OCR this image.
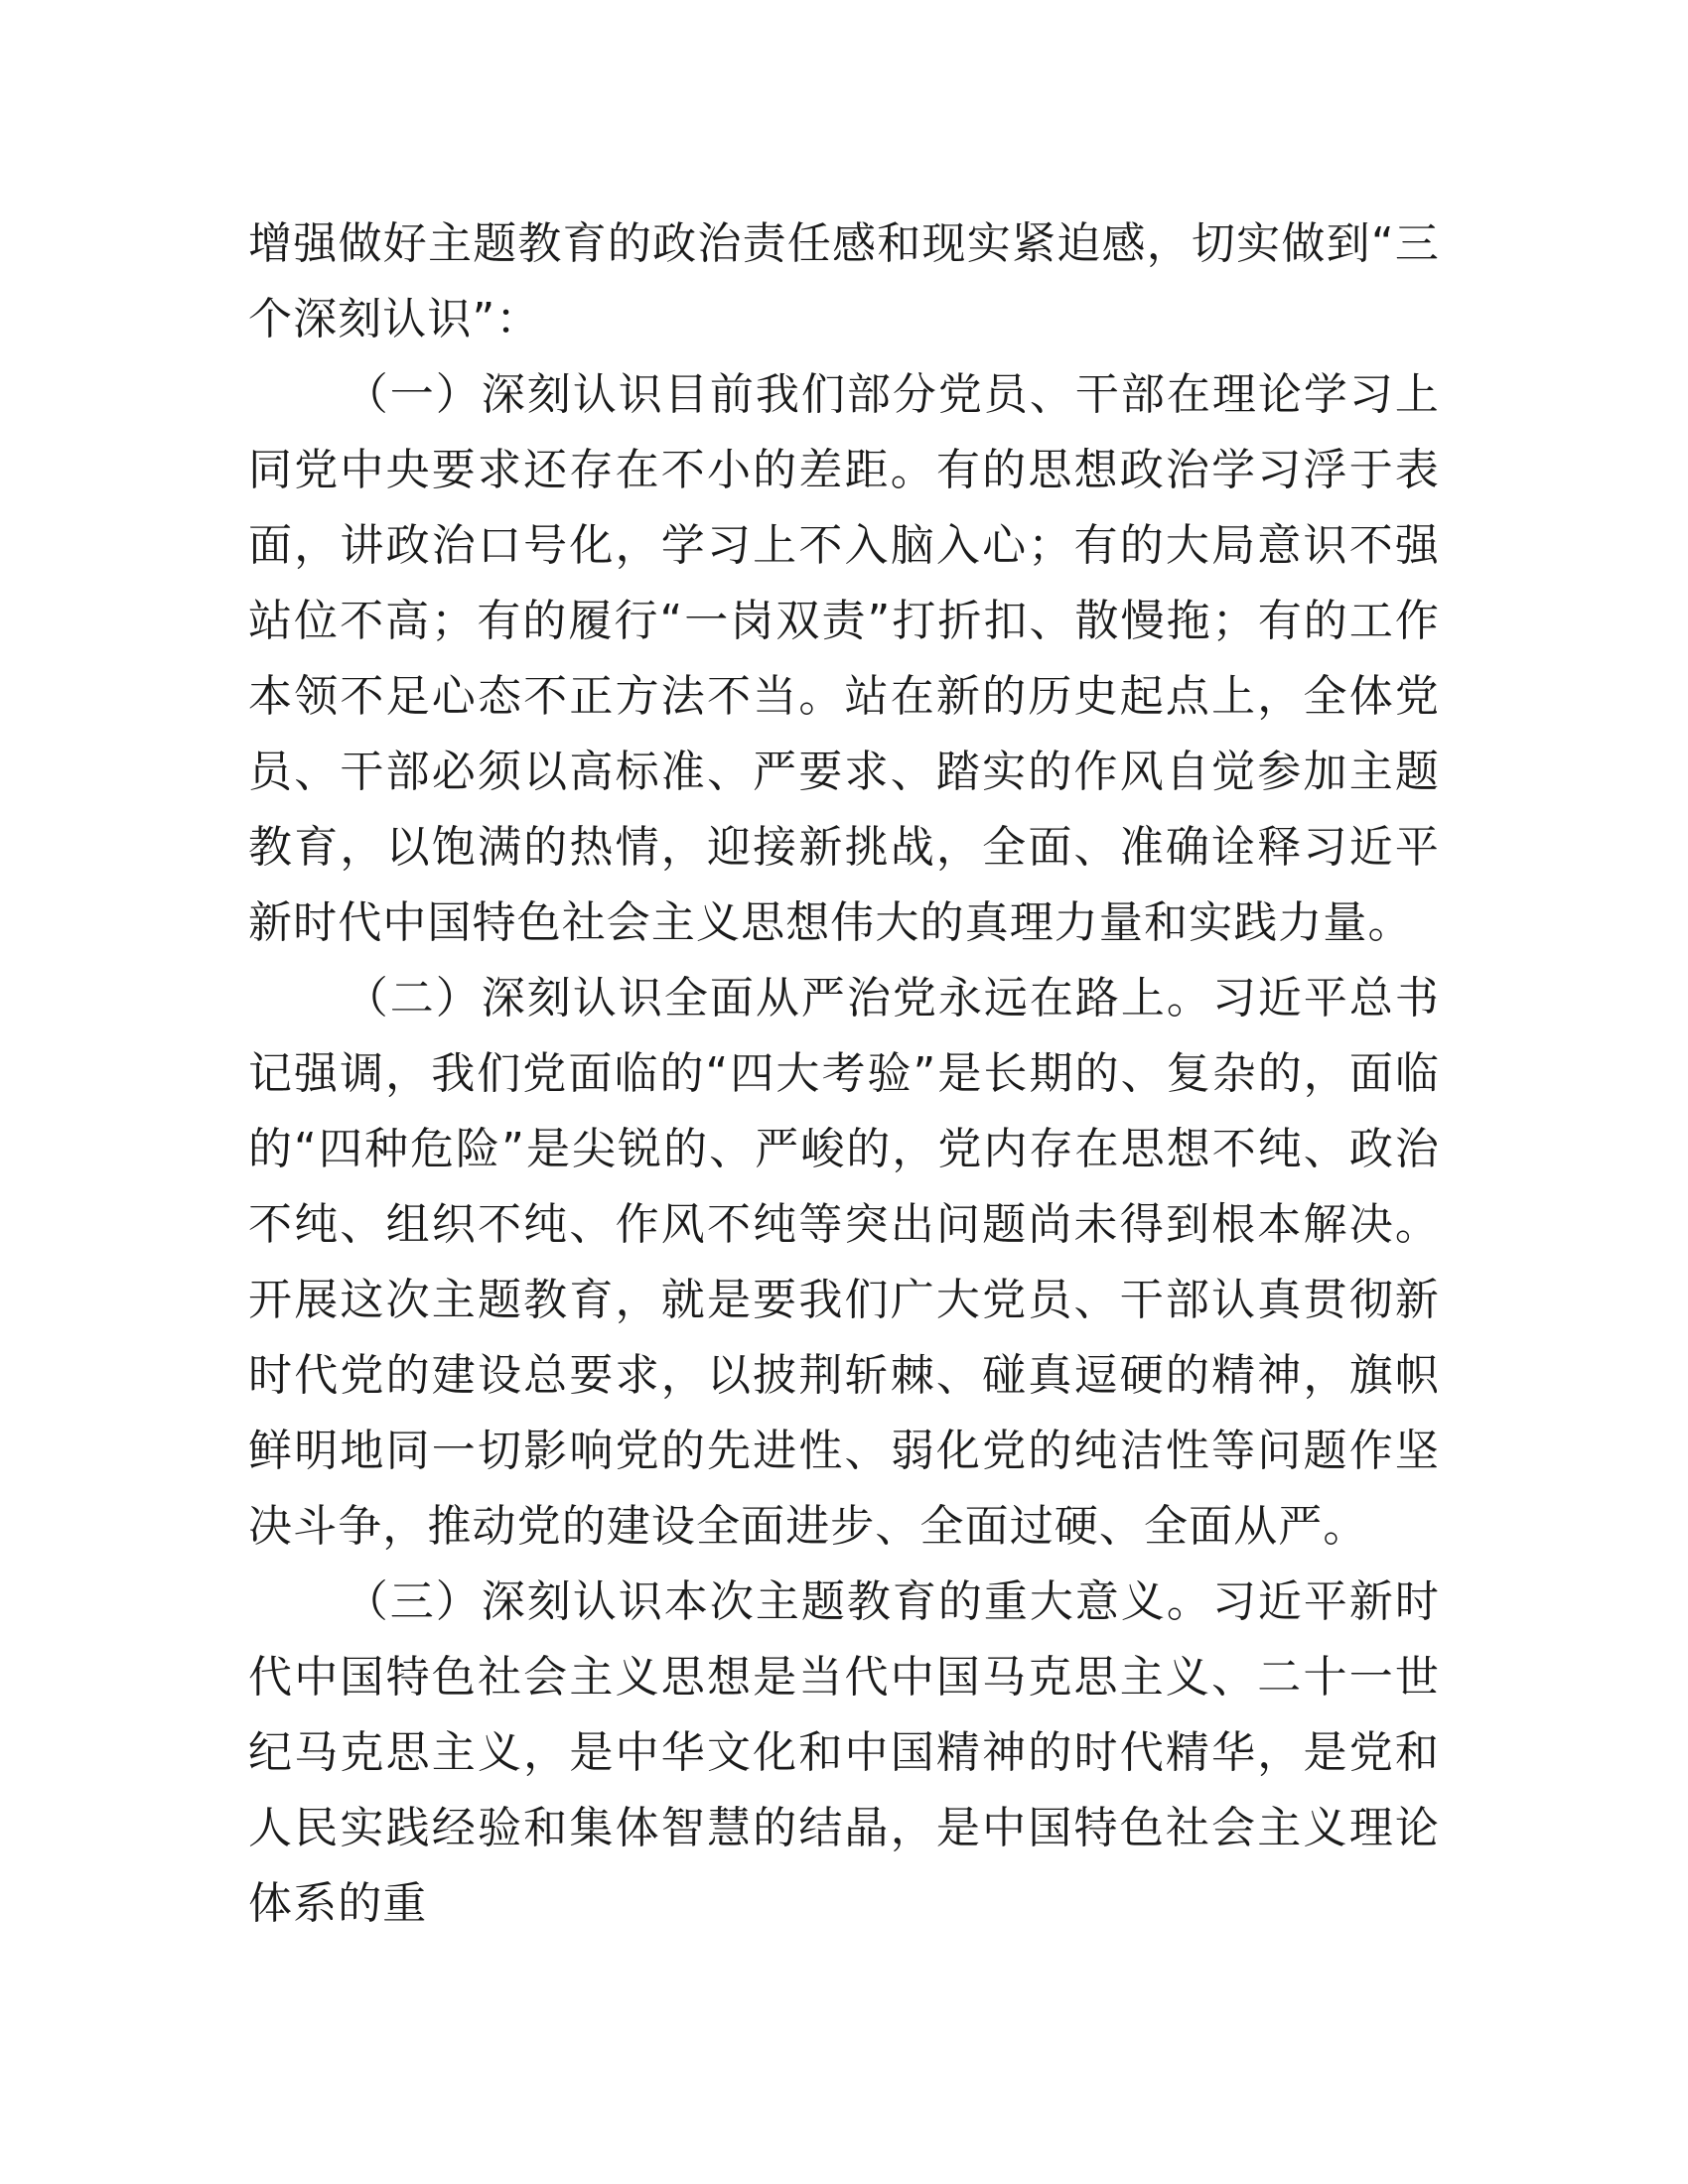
增强做好主题教育的政治责任感和现实紧迫感，切实做到“三个深刻认识”：

（一）深刻认识目前我们部分党员、干部在理论学习上同党中央要求还存在不小的差距。有的思想政治学习浮于表面，讲政治口号化，学习上不入脑入心；有的大局意识不强站位不高；有的履行“一岗双责”打折扣、散慢拖；有的工作本领不足心态不正方法不当。站在新的历史起点上，全体党员、干部必须以高标准、严要求、踏实的作风自觉参加主题教育，以饱满的热情，迎接新挑战，全面、准确诠释习近平新时代中国特色社会主义思想伟大的真理力量和实践力量。

（二）深刻认识全面从严治党永远在路上。习近平总书记强调，我们党面临的“四大考验”是长期的、复杂的，面临的“四种危险”是尖锐的、严峻的，党内存在思想不纯、政治不纯、组织不纯、作风不纯等突出问题尚未得到根本解决。开展这次主题教育，就是要我们广大党员、干部认真贯彻新时代党的建设总要求，以披荆斩棘、碰真逗硬的精神，旗帜鲜明地同一切影响党的先进性、弱化党的纯洁性等问题作坚决斗争，推动党的建设全面进步、全面过硬、全面从严。

（三）深刻认识本次主题教育的重大意义。习近平新时代中国特色社会主义思想是当代中国马克思主义、二十一世纪马克思主义，是中华文化和中国精神的时代精华，是党和人民实践经验和集体智慧的结晶，是中国特色社会主义理论体系的重
